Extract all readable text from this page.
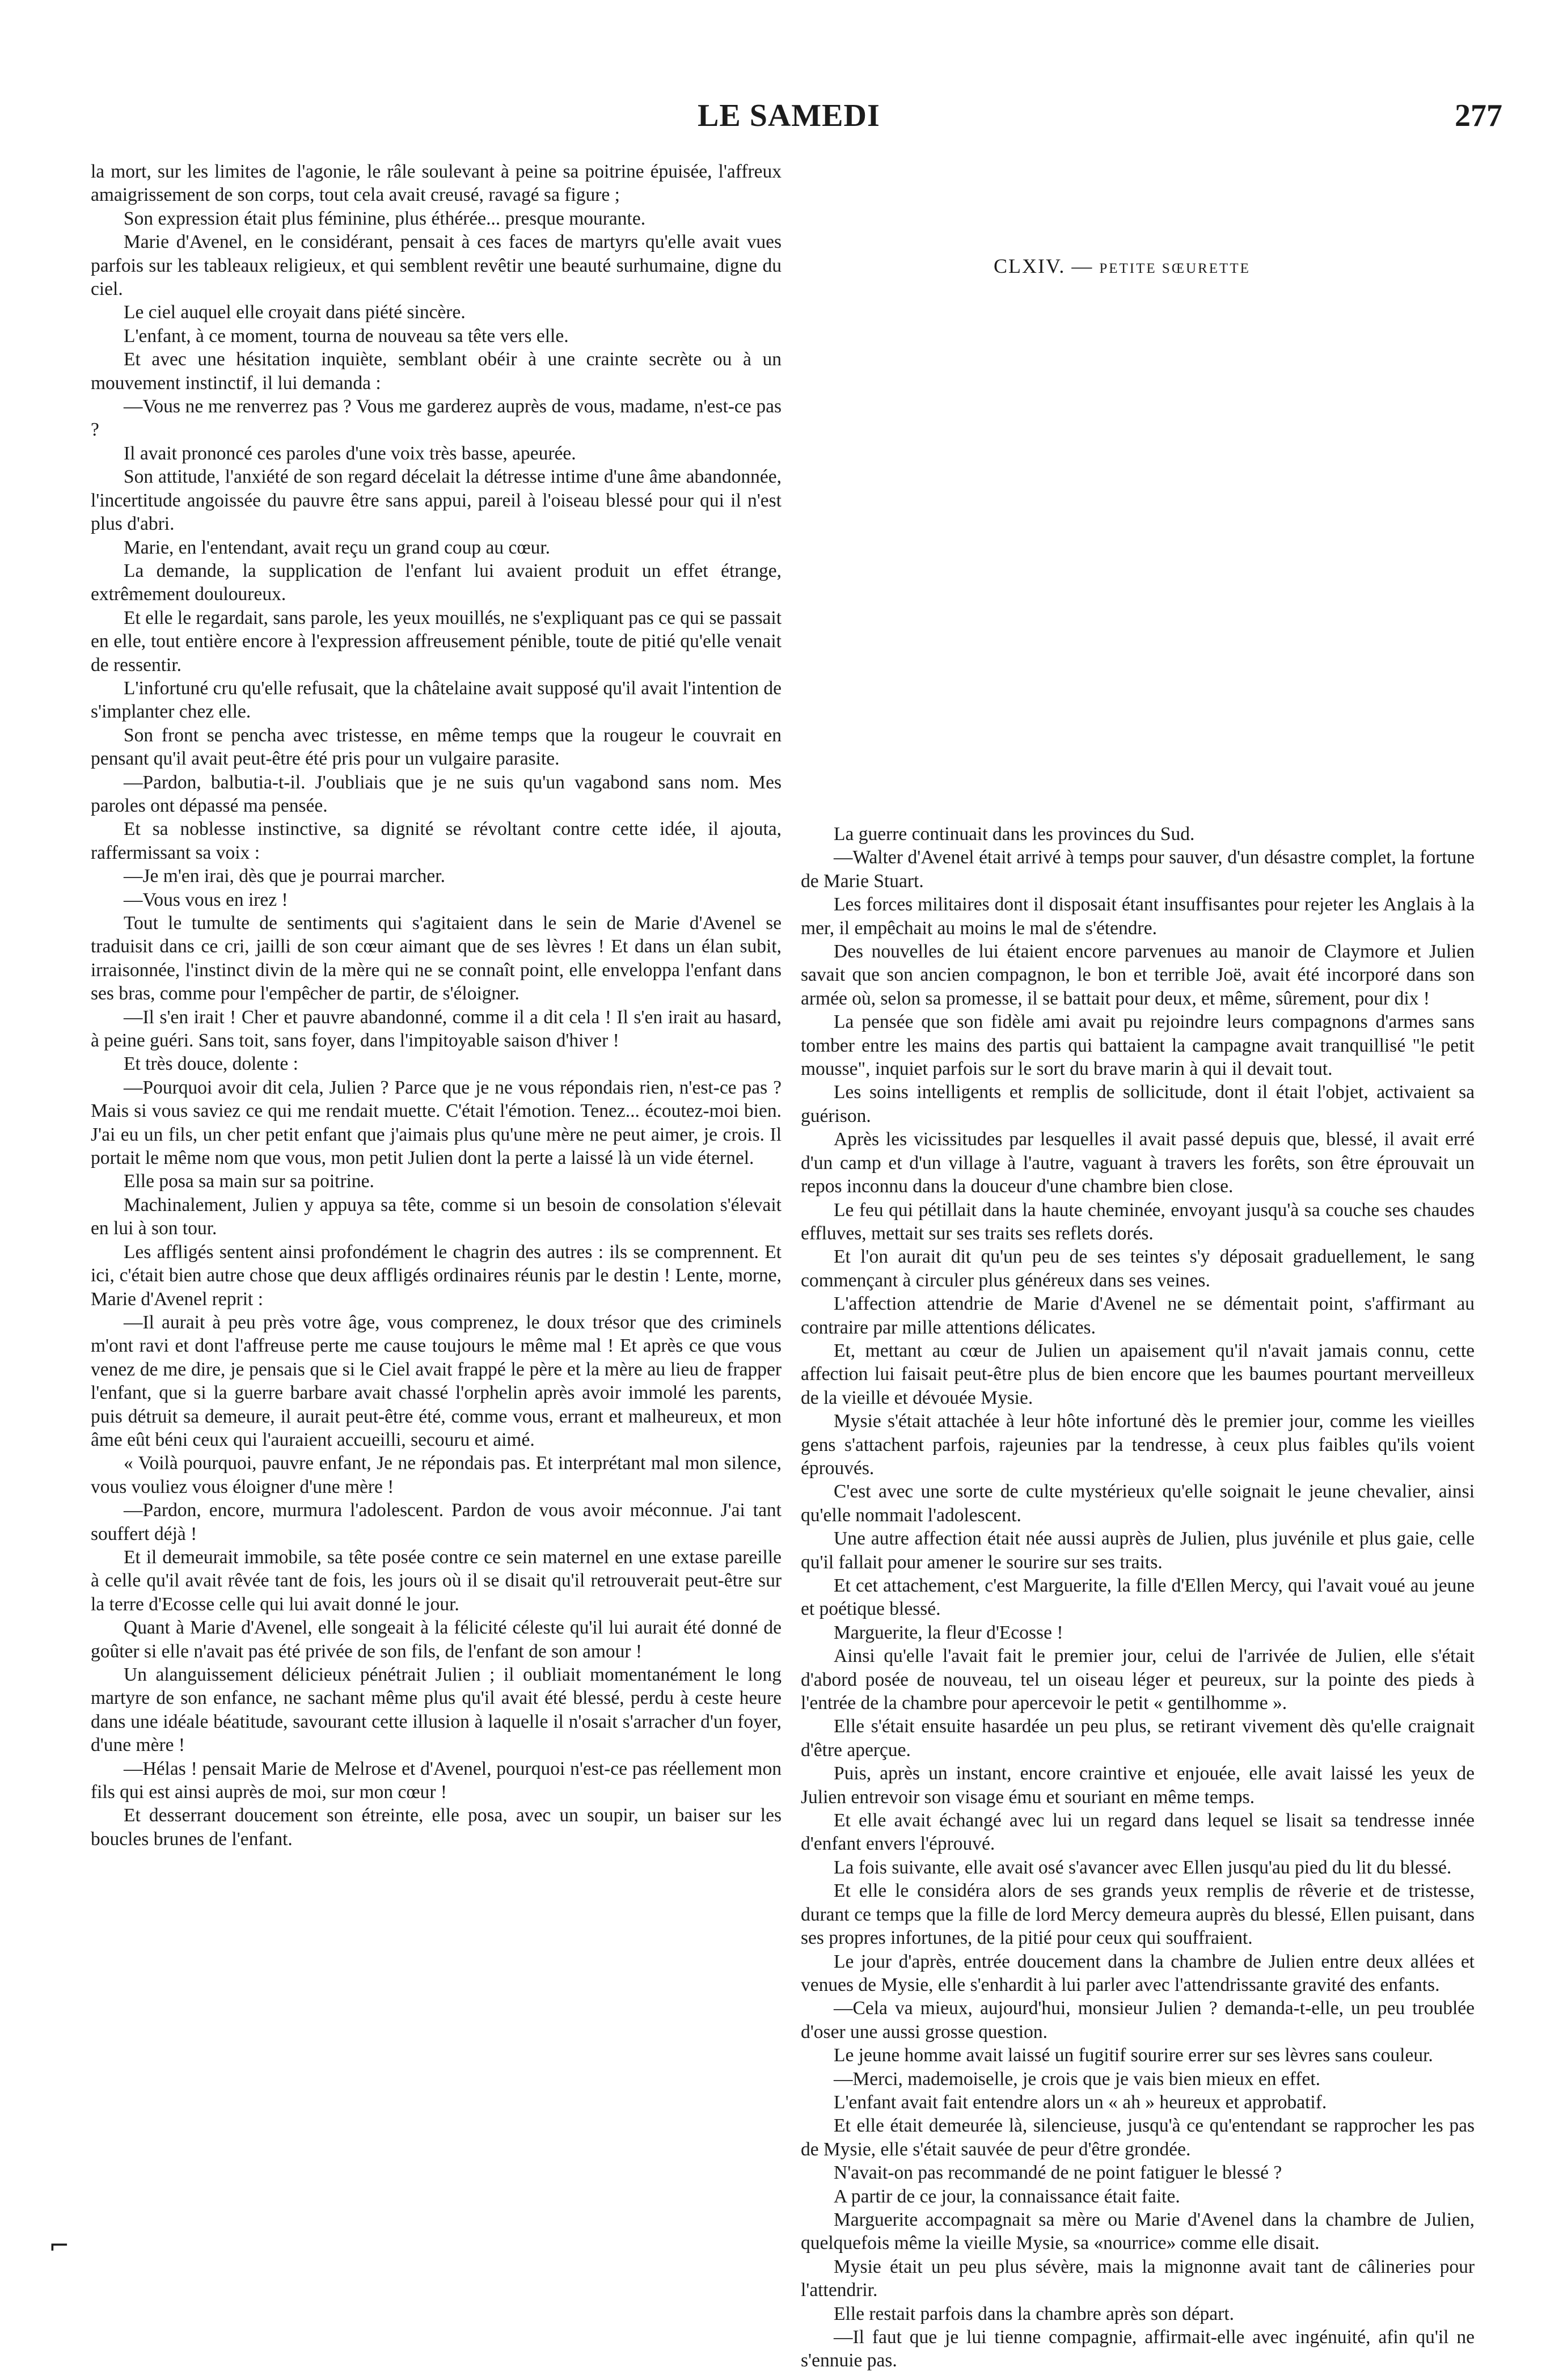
LE SAMEDI	277

la mort, sur les limites de l'agonie, le râle soulevant à peine sa poitrine épuisée, l'affreux amaigrissement de son corps, tout cela avait creusé, ravagé sa figure ;

Son expression était plus féminine, plus éthérée... presque mourante.

Marie d'Avenel, en le considérant, pensait à ces faces de martyrs qu'elle avait vues parfois sur les tableaux religieux, et qui semblent revêtir une beauté surhumaine, digne du ciel.

Le ciel auquel elle croyait dans piété sincère.

L'enfant, à ce moment, tourna de nouveau sa tête vers elle.

Et avec une hésitation inquiète, semblant obéir à une crainte secrète ou à un mouvement instinctif, il lui demanda :

—Vous ne me renverrez pas ? Vous me garderez auprès de vous, madame, n'est-ce pas ?

Il avait prononcé ces paroles d'une voix très basse, apeurée.

Son attitude, l'anxiété de son regard décelait la détresse intime d'une âme abandonnée, l'incertitude angoissée du pauvre être sans appui, pareil à l'oiseau blessé pour qui il n'est plus d'abri.

Marie, en l'entendant, avait reçu un grand coup au cœur.

La demande, la supplication de l'enfant lui avaient produit un effet étrange, extrêmement douloureux.

Et elle le regardait, sans parole, les yeux mouillés, ne s'expliquant pas ce qui se passait en elle, tout entière encore à l'expression affreusement pénible, toute de pitié qu'elle venait de ressentir.

L'infortuné cru qu'elle refusait, que la châtelaine avait supposé qu'il avait l'intention de s'implanter chez elle.

Son front se pencha avec tristesse, en même temps que la rougeur le couvrait en pensant qu'il avait peut-être été pris pour un vulgaire parasite.

—Pardon, balbutia-t-il. J'oubliais que je ne suis qu'un vagabond sans nom. Mes paroles ont dépassé ma pensée.

Et sa noblesse instinctive, sa dignité se révoltant contre cette idée, il ajouta, raffermissant sa voix :

—Je m'en irai, dès que je pourrai marcher.

—Vous vous en irez !

Tout le tumulte de sentiments qui s'agitaient dans le sein de Marie d'Avenel se traduisit dans ce cri, jailli de son cœur aimant que de ses lèvres ! Et dans un élan subit, irraisonnée, l'instinct divin de la mère qui ne se connaît point, elle enveloppa l'enfant dans ses bras, comme pour l'empêcher de partir, de s'éloigner.

—Il s'en irait ! Cher et pauvre abandonné, comme il a dit cela ! Il s'en irait au hasard, à peine guéri. Sans toit, sans foyer, dans l'impitoyable saison d'hiver !

Et très douce, dolente :

—Pourquoi avoir dit cela, Julien ? Parce que je ne vous répondais rien, n'est-ce pas ? Mais si vous saviez ce qui me rendait muette. C'était l'émotion. Tenez... écoutez-moi bien. J'ai eu un fils, un cher petit enfant que j'aimais plus qu'une mère ne peut aimer, je crois. Il portait le même nom que vous, mon petit Julien dont la perte a laissé là un vide éternel.

Elle posa sa main sur sa poitrine.

Machinalement, Julien y appuya sa tête, comme si un besoin de consolation s'élevait en lui à son tour.

Les affligés sentent ainsi profondément le chagrin des autres : ils se comprennent. Et ici, c'était bien autre chose que deux affligés ordinaires réunis par le destin ! Lente, morne, Marie d'Avenel reprit :

—Il aurait à peu près votre âge, vous comprenez, le doux trésor que des criminels m'ont ravi et dont l'affreuse perte me cause toujours le même mal ! Et après ce que vous venez de me dire, je pensais que si le Ciel avait frappé le père et la mère au lieu de frapper l'enfant, que si la guerre barbare avait chassé l'orphelin après avoir immolé les parents, puis détruit sa demeure, il aurait peut-être été, comme vous, errant et malheureux, et mon âme eût béni ceux qui l'auraient accueilli, secouru et aimé.

« Voilà pourquoi, pauvre enfant, Je ne répondais pas. Et interprétant mal mon silence, vous vouliez vous éloigner d'une mère !

—Pardon, encore, murmura l'adolescent. Pardon de vous avoir méconnue. J'ai tant souffert déjà !

Et il demeurait immobile, sa tête posée contre ce sein maternel en une extase pareille à celle qu'il avait rêvée tant de fois, les jours où il se disait qu'il retrouverait peut-être sur la terre d'Ecosse celle qui lui avait donné le jour.

Quant à Marie d'Avenel, elle songeait à la félicité céleste qu'il lui aurait été donné de goûter si elle n'avait pas été privée de son fils, de l'enfant de son amour !

Un alanguissement délicieux pénétrait Julien ; il oubliait momentanément le long martyre de son enfance, ne sachant même plus qu'il avait été blessé, perdu à ceste heure dans une idéale béatitude, savourant cette illusion à laquelle il n'osait s'arracher d'un foyer, d'une mère !

—Hélas ! pensait Marie de Melrose et d'Avenel, pourquoi n'est-ce pas réellement mon fils qui est ainsi auprès de moi, sur mon cœur !

Et desserrant doucement son étreinte, elle posa, avec un soupir, un baiser sur les boucles brunes de l'enfant.

CLXIV. — PETITE SŒURETTE

La guerre continuait dans les provinces du Sud.

—Walter d'Avenel était arrivé à temps pour sauver, d'un désastre complet, la fortune de Marie Stuart.

Les forces militaires dont il disposait étant insuffisantes pour rejeter les Anglais à la mer, il empêchait au moins le mal de s'étendre.

Des nouvelles de lui étaient encore parvenues au manoir de Claymore et Julien savait que son ancien compagnon, le bon et terrible Joë, avait été incorporé dans son armée où, selon sa promesse, il se battait pour deux, et même, sûrement, pour dix !

La pensée que son fidèle ami avait pu rejoindre leurs compagnons d'armes sans tomber entre les mains des partis qui battaient la campagne avait tranquillisé "le petit mousse", inquiet parfois sur le sort du brave marin à qui il devait tout.

Les soins intelligents et remplis de sollicitude, dont il était l'objet, activaient sa guérison.

Après les vicissitudes par lesquelles il avait passé depuis que, blessé, il avait erré d'un camp et d'un village à l'autre, vaguant à travers les forêts, son être éprouvait un repos inconnu dans la douceur d'une chambre bien close.

Le feu qui pétillait dans la haute cheminée, envoyant jusqu'à sa couche ses chaudes effluves, mettait sur ses traits ses reflets dorés.

Et l'on aurait dit qu'un peu de ses teintes s'y déposait graduellement, le sang commençant à circuler plus généreux dans ses veines.

L'affection attendrie de Marie d'Avenel ne se démentait point, s'affirmant au contraire par mille attentions délicates.

Et, mettant au cœur de Julien un apaisement qu'il n'avait jamais connu, cette affection lui faisait peut-être plus de bien encore que les baumes pourtant merveilleux de la vieille et dévouée Mysie.

Mysie s'était attachée à leur hôte infortuné dès le premier jour, comme les vieilles gens s'attachent parfois, rajeunies par la tendresse, à ceux plus faibles qu'ils voient éprouvés.

C'est avec une sorte de culte mystérieux qu'elle soignait le jeune chevalier, ainsi qu'elle nommait l'adolescent.

Une autre affection était née aussi auprès de Julien, plus juvénile et plus gaie, celle qu'il fallait pour amener le sourire sur ses traits.

Et cet attachement, c'est Marguerite, la fille d'Ellen Mercy, qui l'avait voué au jeune et poétique blessé.

Marguerite, la fleur d'Ecosse !

Ainsi qu'elle l'avait fait le premier jour, celui de l'arrivée de Julien, elle s'était d'abord posée de nouveau, tel un oiseau léger et peureux, sur la pointe des pieds à l'entrée de la chambre pour apercevoir le petit « gentilhomme ».

Elle s'était ensuite hasardée un peu plus, se retirant vivement dès qu'elle craignait d'être aperçue.

Puis, après un instant, encore craintive et enjouée, elle avait laissé les yeux de Julien entrevoir son visage ému et souriant en même temps.

Et elle avait échangé avec lui un regard dans lequel se lisait sa tendresse innée d'enfant envers l'éprouvé.

La fois suivante, elle avait osé s'avancer avec Ellen jusqu'au pied du lit du blessé.

Et elle le considéra alors de ses grands yeux remplis de rêverie et de tristesse, durant ce temps que la fille de lord Mercy demeura auprès du blessé, Ellen puisant, dans ses propres infortunes, de la pitié pour ceux qui souffraient.

Le jour d'après, entrée doucement dans la chambre de Julien entre deux allées et venues de Mysie, elle s'enhardit à lui parler avec l'attendrissante gravité des enfants.

—Cela va mieux, aujourd'hui, monsieur Julien ? demanda-t-elle, un peu troublée d'oser une aussi grosse question.

Le jeune homme avait laissé un fugitif sourire errer sur ses lèvres sans couleur.

—Merci, mademoiselle, je crois que je vais bien mieux en effet.

L'enfant avait fait entendre alors un « ah » heureux et approbatif.

Et elle était demeurée là, silencieuse, jusqu'à ce qu'entendant se rapprocher les pas de Mysie, elle s'était sauvée de peur d'être grondée.

N'avait-on pas recommandé de ne point fatiguer le blessé ?

A partir de ce jour, la connaissance était faite.

Marguerite accompagnait sa mère ou Marie d'Avenel dans la chambre de Julien, quelquefois même la vieille Mysie, sa «nourrice» comme elle disait.

Mysie était un peu plus sévère, mais la mignonne avait tant de câlineries pour l'attendrir.

Elle restait parfois dans la chambre après son départ.

—Il faut que je lui tienne compagnie, affirmait-elle avec ingénuité, afin qu'il ne s'ennuie pas.

⌐
